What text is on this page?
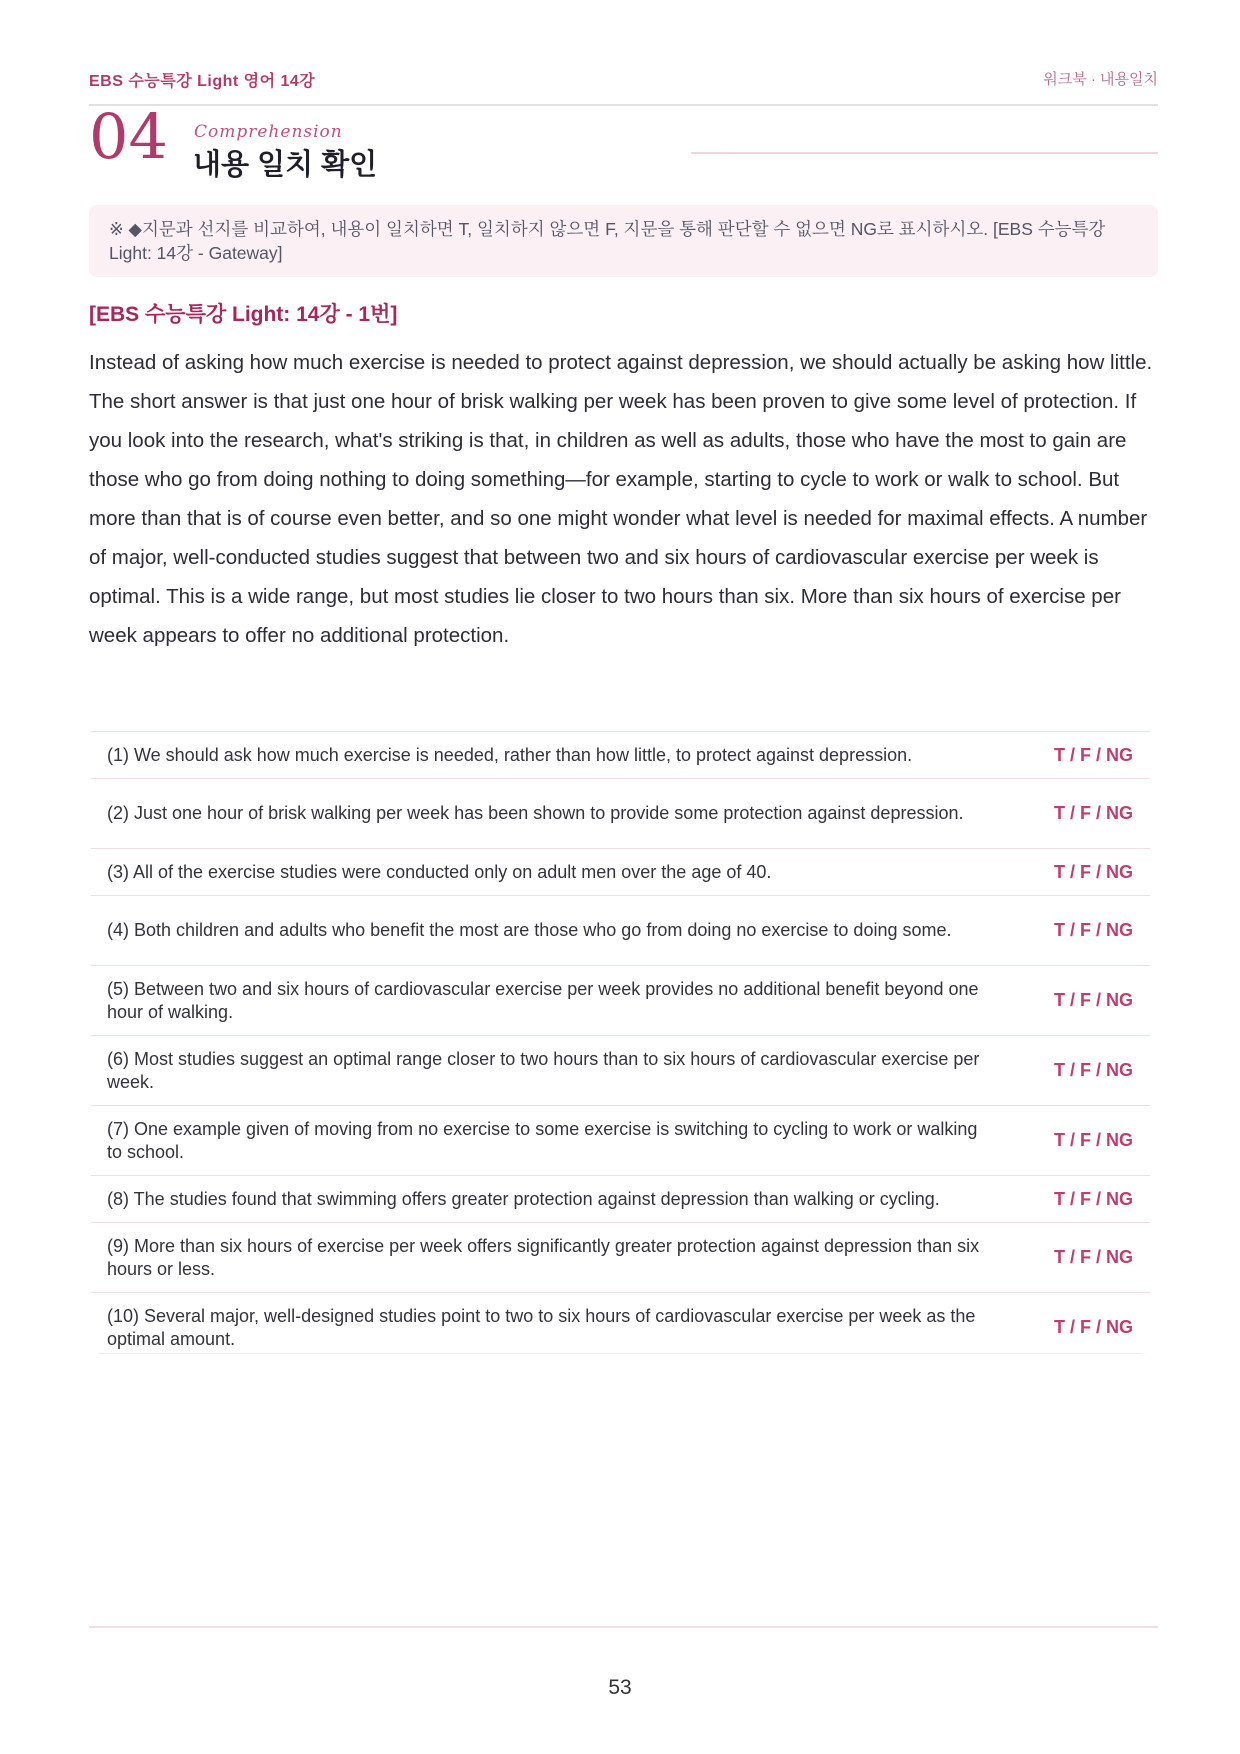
EBS 수능특강 Light 영어 14강	워크북 · 내용일치
04 Comprehension
내용 일치 확인
※ ◆지문과 선지를 비교하여, 내용이 일치하면 T, 일치하지 않으면 F, 지문을 통해 판단할 수 없으면 NG로 표시하시오. [EBS 수능특강 Light: 14강 - Gateway]
[EBS 수능특강 Light: 14강 - 1번]
Instead of asking how much exercise is needed to protect against depression, we should actually be asking how little. The short answer is that just one hour of brisk walking per week has been proven to give some level of protection. If you look into the research, what's striking is that, in children as well as adults, those who have the most to gain are those who go from doing nothing to doing something—for example, starting to cycle to work or walk to school. But more than that is of course even better, and so one might wonder what level is needed for maximal effects. A number of major, well-conducted studies suggest that between two and six hours of cardiovascular exercise per week is optimal. This is a wide range, but most studies lie closer to two hours than six. More than six hours of exercise per week appears to offer no additional protection.
(1) We should ask how much exercise is needed, rather than how little, to protect against depression.	T / F / NG
(2) Just one hour of brisk walking per week has been shown to provide some protection against depression.	T / F / NG
(3) All of the exercise studies were conducted only on adult men over the age of 40.	T / F / NG
(4) Both children and adults who benefit the most are those who go from doing no exercise to doing some.	T / F / NG
(5) Between two and six hours of cardiovascular exercise per week provides no additional benefit beyond one hour of walking.	T / F / NG
(6) Most studies suggest an optimal range closer to two hours than to six hours of cardiovascular exercise per week.	T / F / NG
(7) One example given of moving from no exercise to some exercise is switching to cycling to work or walking to school.	T / F / NG
(8) The studies found that swimming offers greater protection against depression than walking or cycling.	T / F / NG
(9) More than six hours of exercise per week offers significantly greater protection against depression than six hours or less.	T / F / NG
(10) Several major, well-designed studies point to two to six hours of cardiovascular exercise per week as the optimal amount.	T / F / NG
53
